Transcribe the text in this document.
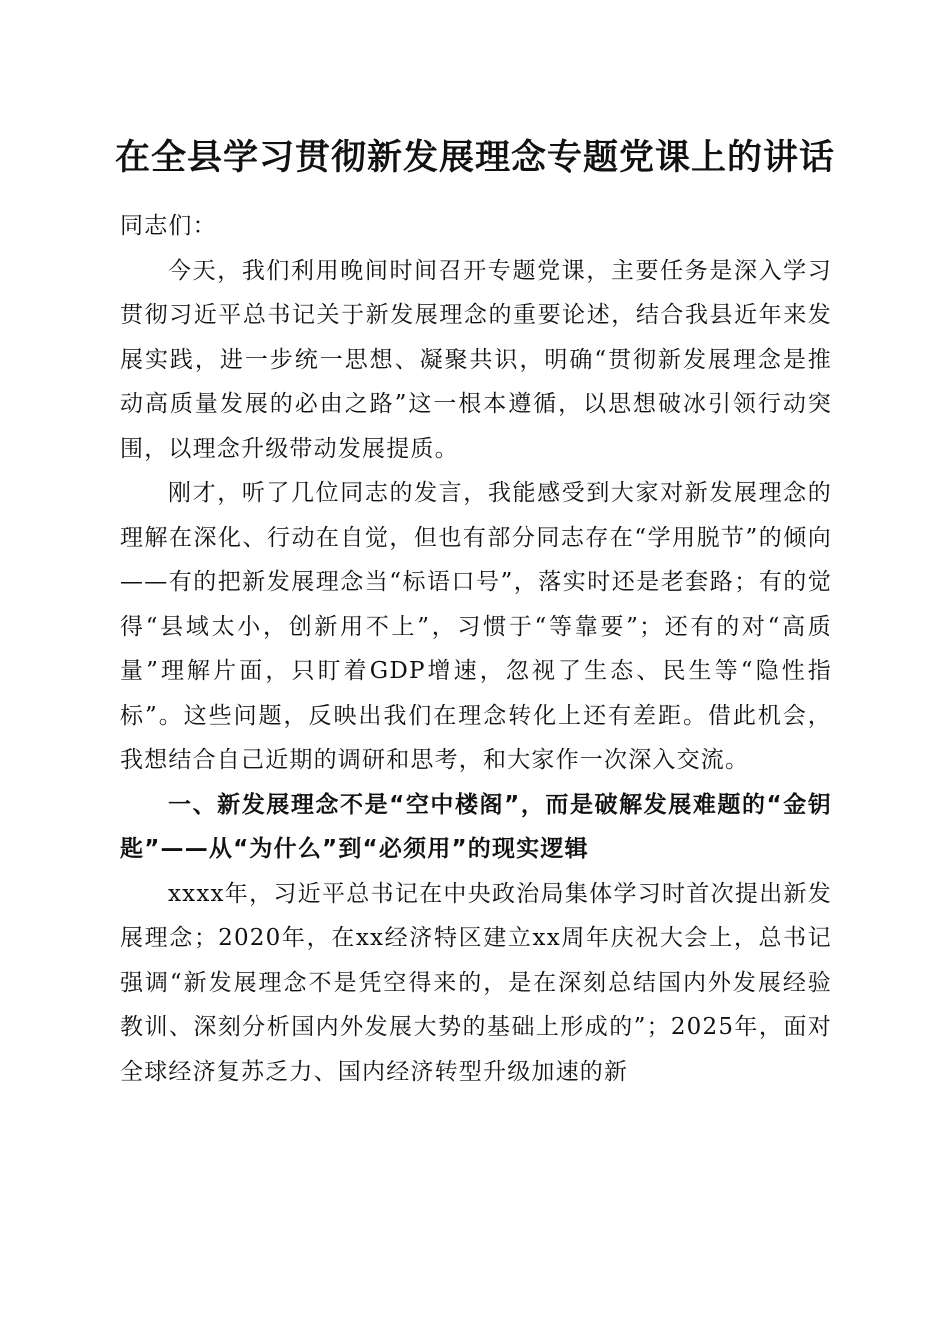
在全县学习贯彻新发展理念专题党课上的讲话

同志们：

今天，我们利用晚间时间召开专题党课，主要任务是深入学习贯彻习近平总书记关于新发展理念的重要论述，结合我县近年来发展实践，进一步统一思想、凝聚共识，明确“贯彻新发展理念是推动高质量发展的必由之路”这一根本遵循，以思想破冰引领行动突围，以理念升级带动发展提质。

刚才，听了几位同志的发言，我能感受到大家对新发展理念的理解在深化、行动在自觉，但也有部分同志存在“学用脱节”的倾向——有的把新发展理念当“标语口号”，落实时还是老套路；有的觉得“县域太小，创新用不上”，习惯于“等靠要”；还有的对“高质量”理解片面，只盯着GDP增速，忽视了生态、民生等“隐性指标”。这些问题，反映出我们在理念转化上还有差距。借此机会，我想结合自己近期的调研和思考，和大家作一次深入交流。

一、新发展理念不是“空中楼阁”，而是破解发展难题的“金钥匙”——从“为什么”到“必须用”的现实逻辑

xxxx年，习近平总书记在中央政治局集体学习时首次提出新发展理念；2020年，在xx经济特区建立xx周年庆祝大会上，总书记强调“新发展理念不是凭空得来的，是在深刻总结国内外发展经验教训、深刻分析国内外发展大势的基础上形成的”；2025年，面对全球经济复苏乏力、国内经济转型升级加速的新
